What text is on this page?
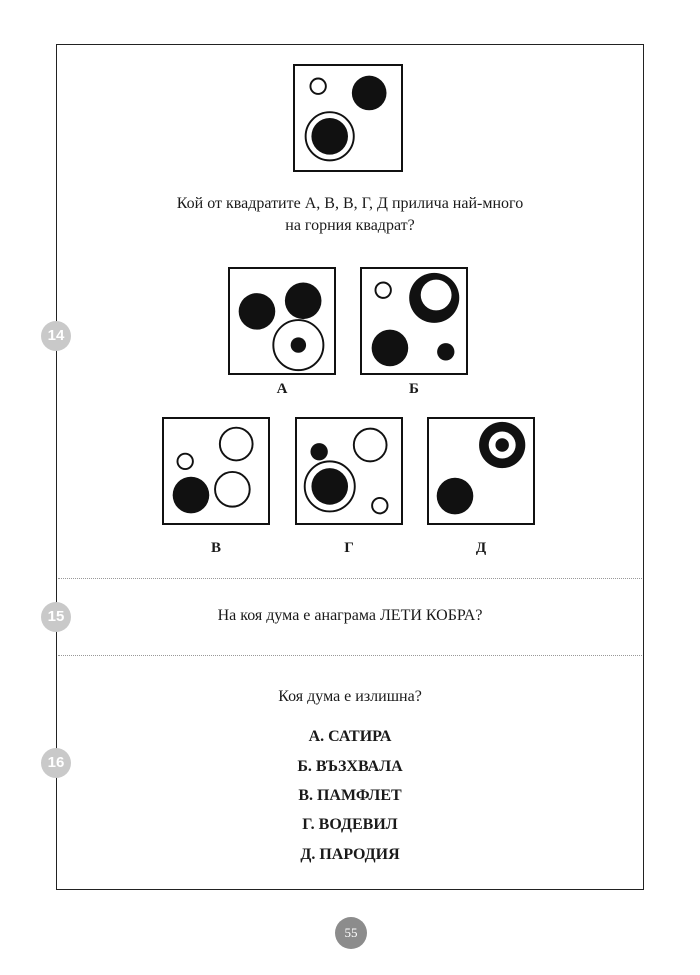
Кой от квадратите А, В, В, Г, Д прилича най-много
на горния квадрат?
14
А	Б
В	Г	Д
15	На коя дума е анаграма ЛЕТИ КОБРА?
Коя дума е излишна?
16
А. САТИРА
Б. ВЪЗХВАЛА
В. ПАМФЛЕТ
Г. ВОДЕВИЛ
Д. ПАРОДИЯ
55
